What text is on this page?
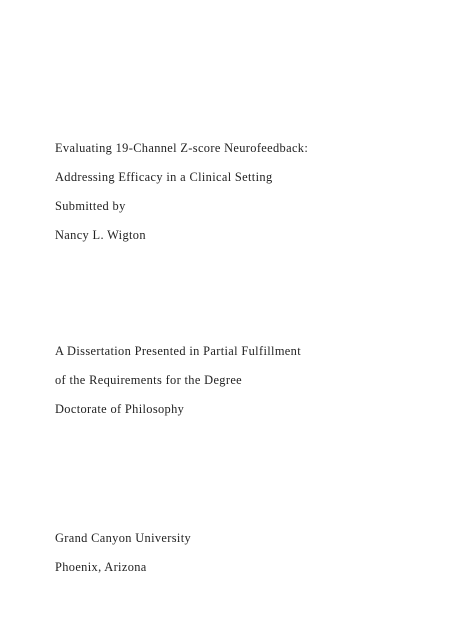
Evaluating 19-Channel Z-score Neurofeedback:

Addressing Efficacy in a Clinical Setting

Submitted by

Nancy L. Wigton

A Dissertation Presented in Partial Fulfillment

of the Requirements for the Degree

Doctorate of Philosophy

Grand Canyon University

Phoenix, Arizona
